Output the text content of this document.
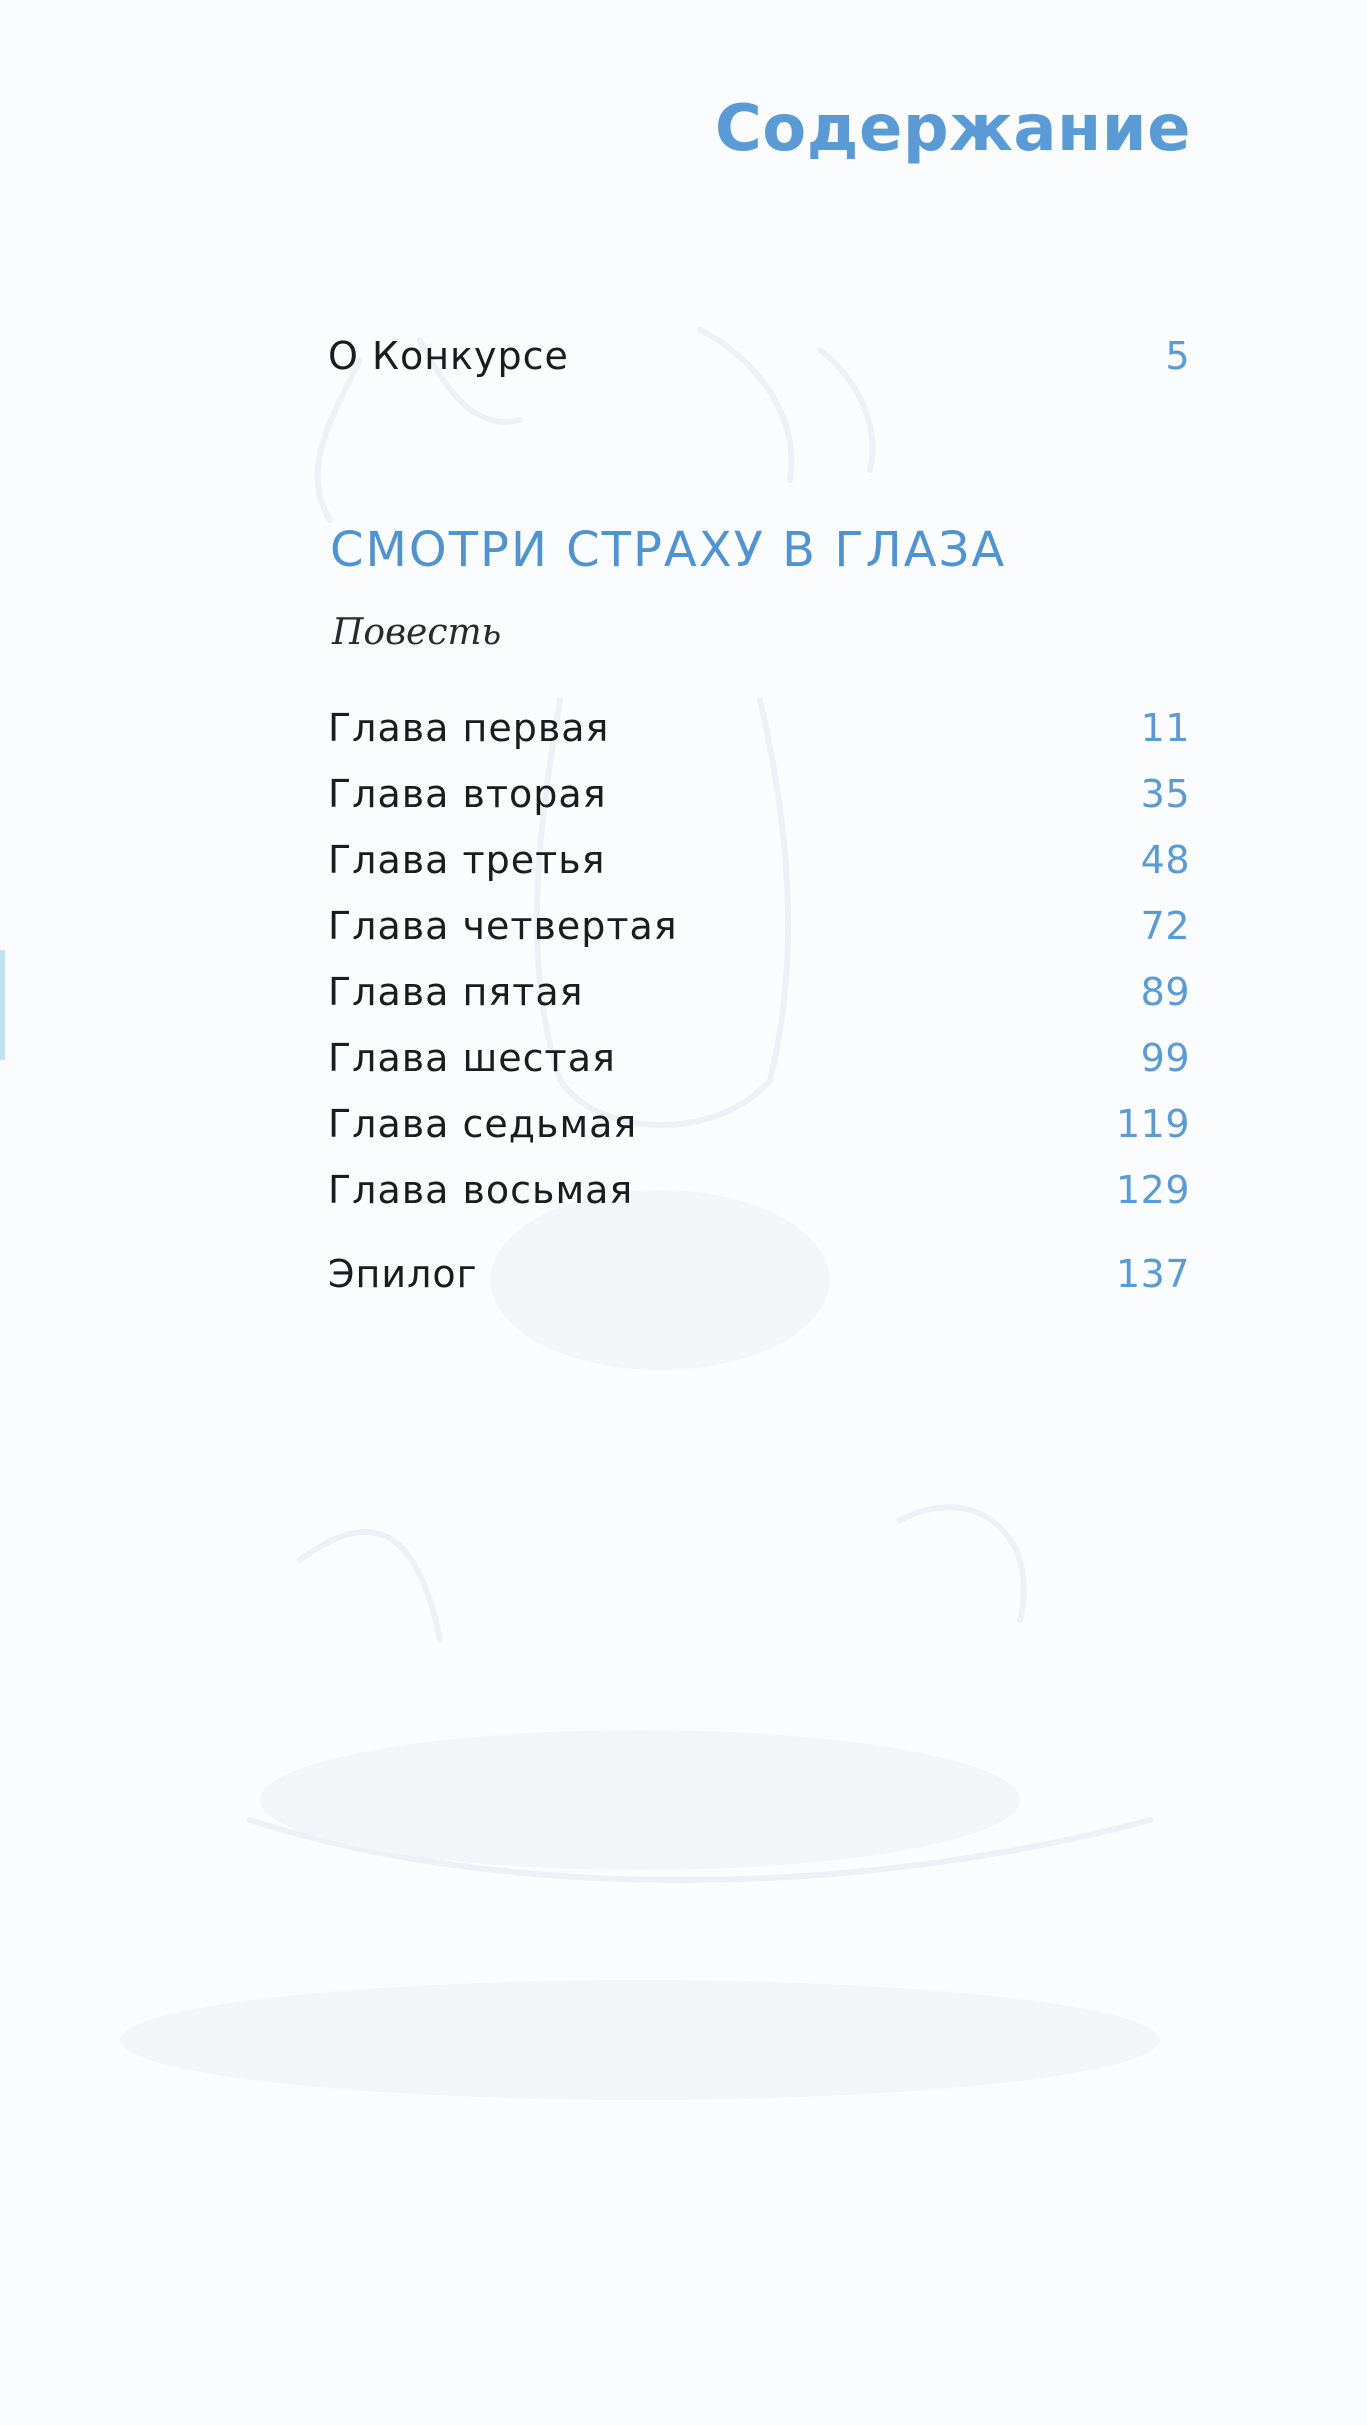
Содержание
О Конкурсе	5
СМОТРИ СТРАХУ В ГЛАЗА
Повесть
Глава первая	11
Глава вторая	35
Глава третья	48
Глава четвертая	72
Глава пятая	89
Глава шестая	99
Глава седьмая	119
Глава восьмая	129
Эпилог	137
